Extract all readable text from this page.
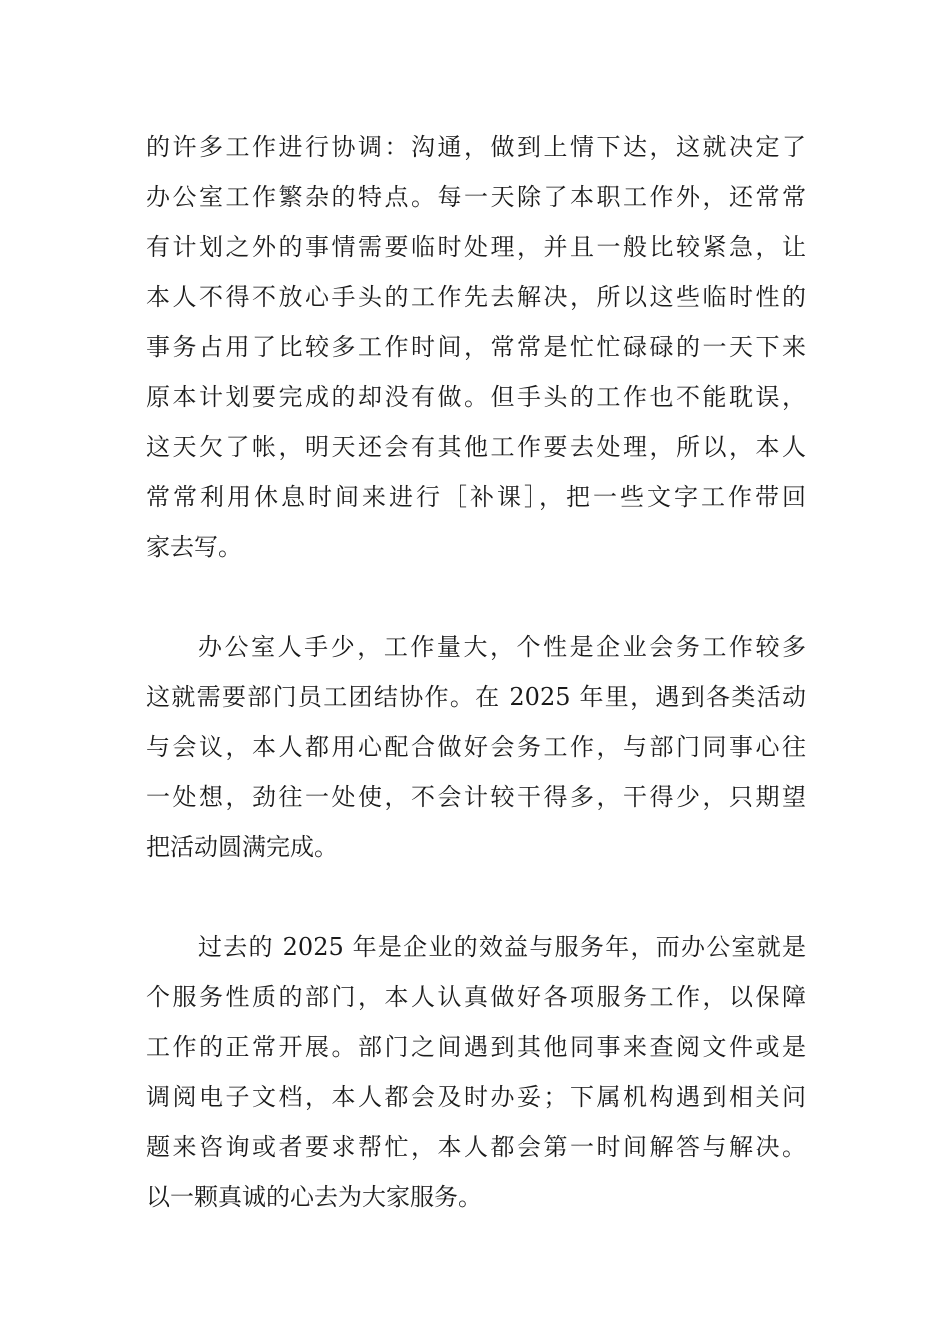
的许多工作进行协调：沟通，做到上情下达，这就决定了
办公室工作繁杂的特点。每一天除了本职工作外，还常常
有计划之外的事情需要临时处理，并且一般比较紧急，让
本人不得不放心手头的工作先去解决，所以这些临时性的
事务占用了比较多工作时间，常常是忙忙碌碌的一天下来
原本计划要完成的却没有做。但手头的工作也不能耽误，
这天欠了帐，明天还会有其他工作要去处理，所以，本人
常常利用休息时间来进行［补课］，把一些文字工作带回
家去写。
办公室人手少，工作量大，个性是企业会务工作较多
这就需要部门员工团结协作。在 2025 年里，遇到各类活动
与会议，本人都用心配合做好会务工作，与部门同事心往
一处想，劲往一处使，不会计较干得多，干得少，只期望
把活动圆满完成。
过去的 2025 年是企业的效益与服务年，而办公室就是
个服务性质的部门，本人认真做好各项服务工作，以保障
工作的正常开展。部门之间遇到其他同事来查阅文件或是
调阅电子文档，本人都会及时办妥；下属机构遇到相关问
题来咨询或者要求帮忙，本人都会第一时间解答与解决。
以一颗真诚的心去为大家服务。
